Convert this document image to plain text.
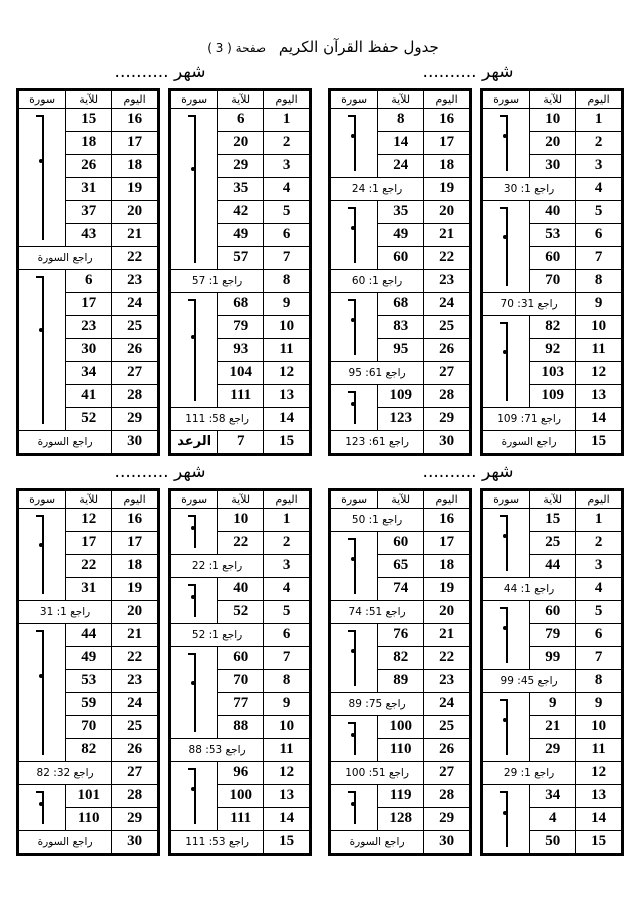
جدول حفظ القرآن الكريم صفحة ( 3 )
شهر ..........
شهر ..........
شهر ..........
شهر ..........
اليوم	للآية	سورة
1	10	

2	20	
3	30	
4	راجع 1: 30	
5	40	

6	53	
7	60	
8	70	
9	راجع 31: 70	
10	82	

11	92	
12	103	
13	109	
14	راجع 71: 109	
15	راجع السورة	
اليوم	للآية	سورة
16	8	

17	14	
18	24	
19	راجع 1: 24	
20	35	

21	49	
22	60	
23	راجع 1: 60	
24	68	

25	83	
26	95	
27	راجع 61: 95	
28	109	

29	123	
30	راجع 61: 123	
اليوم	للآية	سورة
1	6	

2	20	
3	29	
4	35	
5	42	
6	49	
7	57	
8	راجع 1: 57	
9	68	

10	79	
11	93	
12	104	
13	111	
14	راجع 58: 111	
15	7	الرعد
اليوم	للآية	سورة
16	15	

17	18	
18	26	
19	31	
20	37	
21	43	
22	راجع السورة	
23	6	

24	17	
25	23	
26	30	
27	34	
28	41	
29	52	
30	راجع السورة	
اليوم	للآية	سورة
1	15	

2	25	
3	44	
4	راجع 1: 44	
5	60	

6	79	
7	99	
8	راجع 45: 99	
9	9	

10	21	
11	29	
12	راجع 1: 29	
13	34	

14	4	
15	50	
اليوم	للآية	سورة
16	راجع 1: 50	
17	60	

18	65	
19	74	
20	راجع 51: 74	
21	76	

22	82	
23	89	
24	راجع 75: 89	
25	100	

26	110	
27	راجع 51: 100	
28	119	

29	128	
30	راجع السورة	
اليوم	للآية	سورة
1	10	

2	22	
3	راجع 1: 22	
4	40	

5	52	
6	راجع 1: 52	
7	60	

8	70	
9	77	
10	88	
11	راجع 53: 88	
12	96	

13	100	
14	111	
15	راجع 53: 111	
اليوم	للآية	سورة
16	12	

17	17	
18	22	
19	31	
20	راجع 1: 31	
21	44	

22	49	
23	53	
24	59	
25	70	
26	82	
27	راجع 32: 82	
28	101	

29	110	
30	راجع السورة	
